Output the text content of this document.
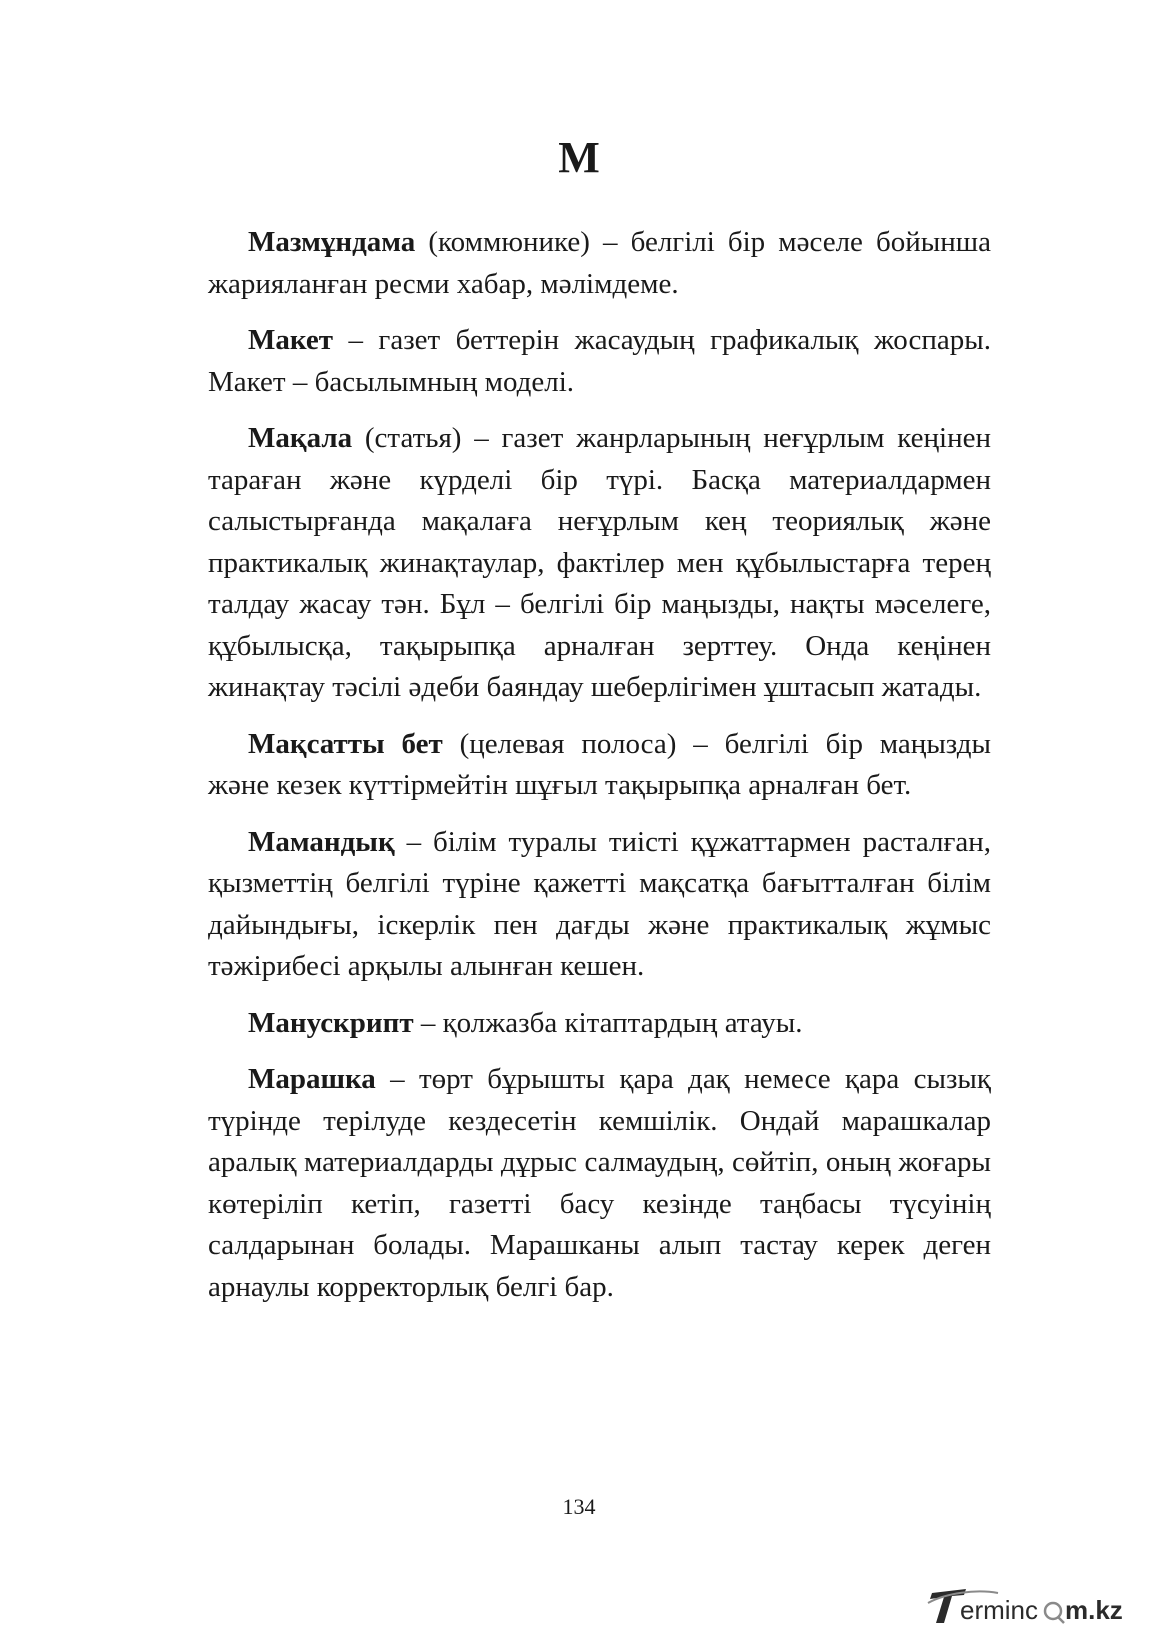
М

Мазмұндама (коммюнике) – белгілі бір мәселе бойынша жарияланған ресми хабар, мәлімдеме.

Макет – газет беттерін жасаудың графикалық жоспары. Макет – басылымның моделі.

Мақала (статья) – газет жанрларының неғұрлым кеңінен тараған және күрделі бір түрі. Басқа материалдармен салыстырғанда мақалаға неғұрлым кең теориялық және практикалық жинақтаулар, фактілер мен құбылыстарға терең талдау жасау тән. Бұл – белгілі бір маңызды, нақты мәселеге, құбылысқа, тақырыпқа арналған зерттеу. Онда кеңінен жинақтау тәсілі әдеби баяндау шеберлігімен ұштасып жатады.

Мақсатты бет (целевая полоса) – белгілі бір маңызды және кезек күттірмейтін шұғыл тақырыпқа арналған бет.

Мамандық – білім туралы тиісті құжаттармен расталған, қызметтің белгілі түріне қажетті мақсатқа бағытталған білім дайындығы, іскерлік пен дағды және практикалық жұмыс тәжірибесі арқылы алынған кешен.

Манускрипт – қолжазба кітаптардың атауы.

Марашка – төрт бұрышты қара дақ немесе қара сызық түрінде терілуде кездесетін кемшілік. Ондай марашкалар аралық материалдарды дұрыс салмаудың, сөйтіп, оның жоғары көтеріліп кетіп, газетті басу кезінде таңбасы түсуінің салдарынан болады. Марашканы алып тастау керек деген арнаулы корректорлық белгі бар.

134
erminc m.kz
